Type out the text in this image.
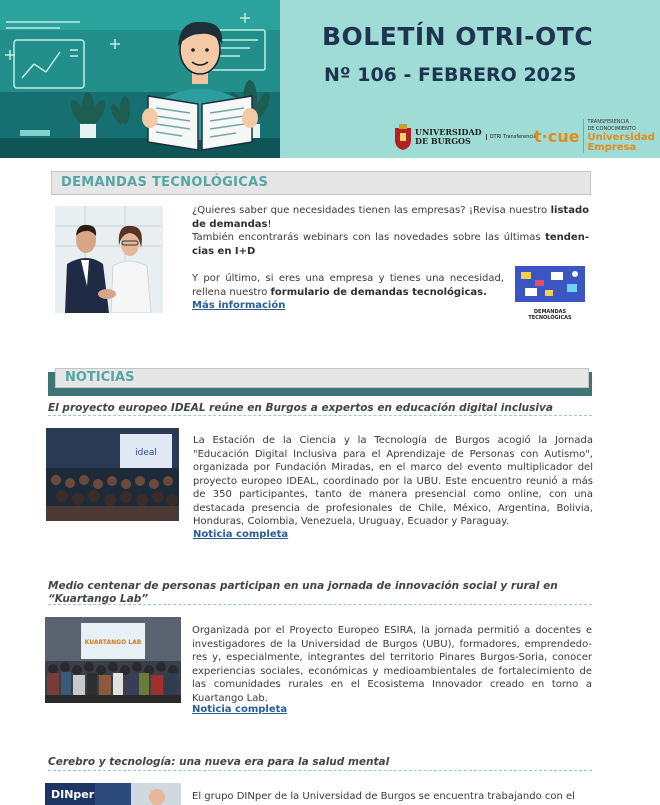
BOLETÍN OTRI-OTC
Nº 106 - FEBRERO 2025
UNIVERSIDAD
DE BURGOS	OTRI Transferencia
t·cue
TRANSFERENCIA
DE CONOCIMIENTO
Universidad
Empresa
DEMANDAS TECNOLÓGICAS
¿Quieres saber que necesidades tienen las empresas? ¡Revisa nuestro listado de demandas!
También encontrarás webinars con las novedades sobre las últimas tenden-cias en I+D
Y por último, si eres una empresa y tienes una necesidad, rellena nuestro formulario de demandas tecnológicas.
Más información
DEMANDAS
TECNOLÓGICAS
NOTICIAS
El proyecto europeo IDEAL reúne en Burgos a expertos en educación digital inclusiva
ideal
La Estación de la Ciencia y la Tecnología de Burgos acogió la Jornada "Educación Digital Inclusiva para el Aprendizaje de Personas con Autismo", organizada por Fundación Miradas, en el marco del evento multiplicador del proyecto europeo IDEAL, coordinado por la UBU. Este encuentro reunió a más de 350 participantes, tanto de manera presencial como online, con una destacada presencia de profesionales de Chile, México, Argentina, Bolivia, Honduras, Colombia, Venezuela, Uruguay, Ecuador y Paraguay.
Noticia completa
Medio centenar de personas participan en una jornada de innovación social y rural en “Kuartango Lab”
KUARTANGO LAB
Organizada por el Proyecto Europeo ESIRA, la jornada permitió a docentes e investigadores de la Universidad de Burgos (UBU), formadores, emprendedo-res y, especialmente, integrantes del territorio Pinares Burgos-Soria, conocer experiencias sociales, económicas y medioambientales de fortalecimiento de las comunidades rurales en el Ecosistema Innovador creado en torno a Kuartango Lab.
Noticia completa
Cerebro y tecnología: una nueva era para la salud mental
DINper	El grupo DINper de la Universidad de Burgos se encuentra trabajando con el
